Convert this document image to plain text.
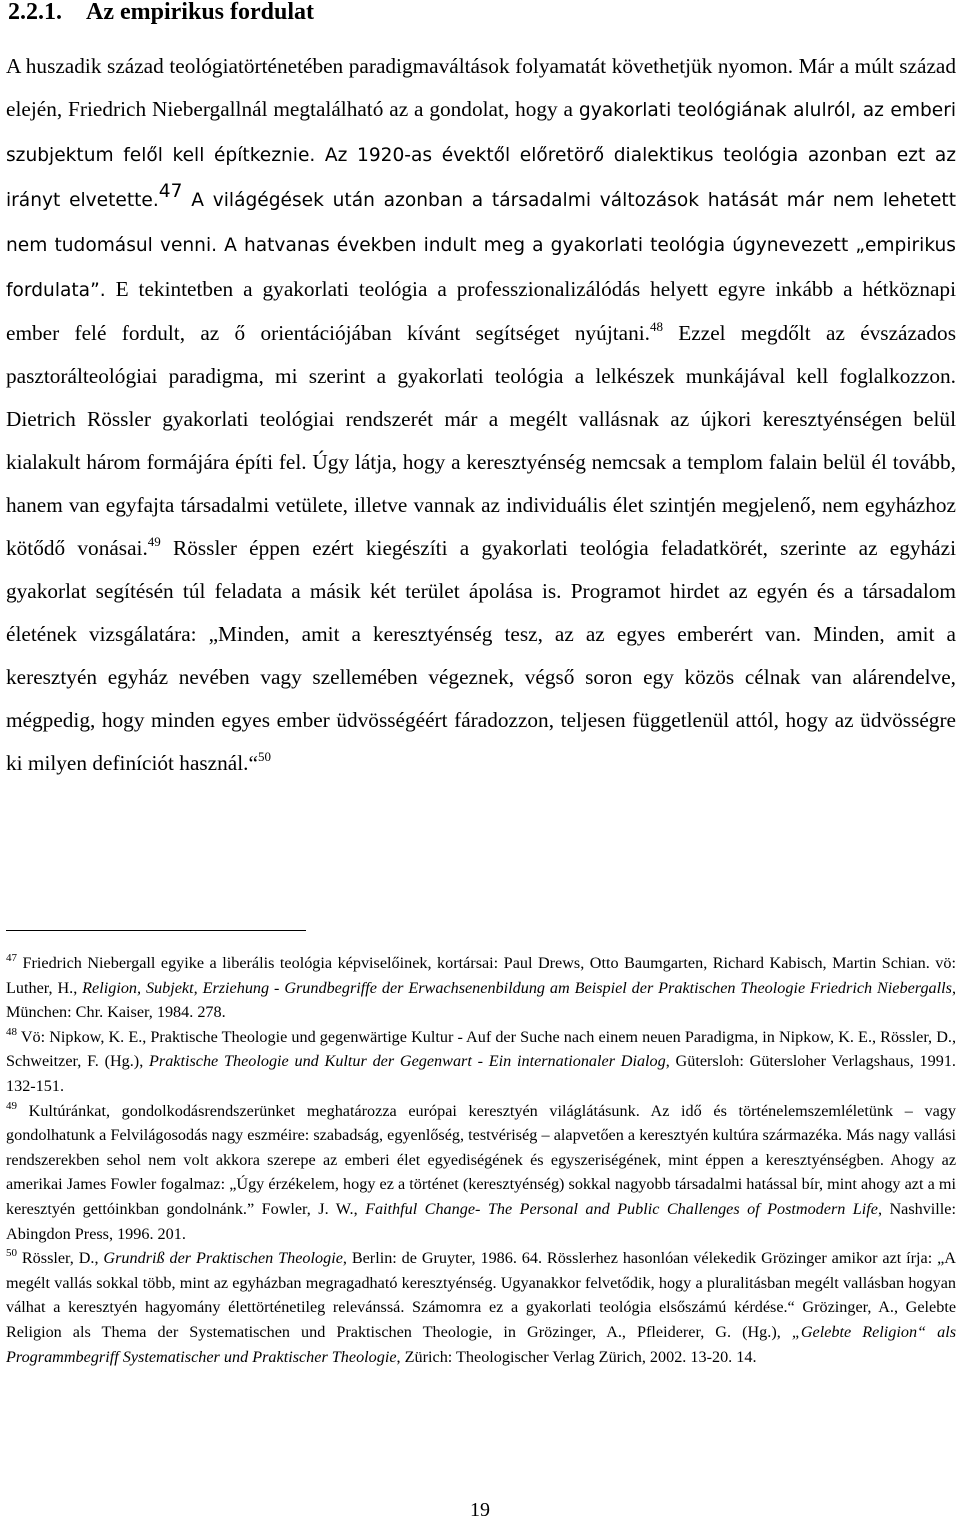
2.2.1. Az empirikus fordulat

A huszadik század teológiatörténetében paradigmaváltások folyamatát követhetjük nyomon. Már a múlt század elején, Friedrich Niebergallnál megtalálható az a gondolat, hogy a gyakorlati teológiának alulról, az emberi szubjektum felől kell építkeznie. Az 1920-as évektől előretörő dialektikus teológia azonban ezt az irányt elvetette.$^{47}$ A világégések után azonban a társadalmi változások hatását már nem lehetett nem tudomásul venni. A hatvanas években indult meg a gyakorlati teológia úgynevezett „empirikus fordulata”. E tekintetben a gyakorlati teológia a professzionalizálódás helyett egyre inkább a hétköznapi ember felé fordult, az ő orientációjában kívánt segítséget nyújtani.$^{48}$ Ezzel megdőlt az évszázados pasztorálteológiai paradigma, mi szerint a gyakorlati teológia a lelkészek munkájával kell foglalkozzon. Dietrich Rössler gyakorlati teológiai rendszerét már a megélt vallásnak az újkori keresztyénségen belül kialakult három formájára építi fel. Úgy látja, hogy a keresztyénség nemcsak a templom falain belül él tovább, hanem van egyfajta társadalmi vetülete, illetve vannak az individuális élet szintjén megjelenő, nem egyházhoz kötődő vonásai.$^{49}$ Rössler éppen ezért kiegészíti a gyakorlati teológia feladatkörét, szerinte az egyházi gyakorlat segítésén túl feladata a másik két terület ápolása is. Programot hirdet az egyén és a társadalom életének vizsgálatára: „Minden, amit a keresztyénség tesz, az az egyes emberért van. Minden, amit a keresztyén egyház nevében vagy szellemében végeznek, végső soron egy közös célnak van alárendelve, mégpedig, hogy minden egyes ember üdvösségéért fáradozzon, teljesen függetlenül attól, hogy az üdvösségre ki milyen definíciót használ.“$^{50}$

$^{47}$ Friedrich Niebergall egyike a liberális teológia képviselőinek, kortársai: Paul Drews, Otto Baumgarten, Richard Kabisch, Martin Schian. vö: Luther, H., Religion, Subjekt, Erziehung - Grundbegriffe der Erwachsenenbildung am Beispiel der Praktischen Theologie Friedrich Niebergalls, München: Chr. Kaiser, 1984. 278.

$^{48}$ Vö: Nipkow, K. E., Praktische Theologie und gegenwärtige Kultur - Auf der Suche nach einem neuen Paradigma, in Nipkow, K. E., Rössler, D., Schweitzer, F. (Hg.), Praktische Theologie und Kultur der Gegenwart - Ein internationaler Dialog, Gütersloh: Gütersloher Verlagshaus, 1991. 132-151.

$^{49}$ Kultúránkat, gondolkodásrendszerünket meghatározza európai keresztyén világlátásunk. Az idő és történelemszemléletünk – vagy gondolhatunk a Felvilágosodás nagy eszméire: szabadság, egyenlőség, testvériség – alapvetően a keresztyén kultúra származéka. Más nagy vallási rendszerekben sehol nem volt akkora szerepe az emberi élet egyediségének és egyszeriségének, mint éppen a keresztyénségben. Ahogy az amerikai James Fowler fogalmaz: „Úgy érzékelem, hogy ez a történet (keresztyénség) sokkal nagyobb társadalmi hatással bír, mint ahogy azt a mi keresztyén gettóinkban gondolnánk.” Fowler, J. W., Faithful Change- The Personal and Public Challenges of Postmodern Life, Nashville: Abingdon Press, 1996. 201.

$^{50}$ Rössler, D., Grundriß der Praktischen Theologie, Berlin: de Gruyter, 1986. 64. Rösslerhez hasonlóan vélekedik Grözinger amikor azt írja: „A megélt vallás sokkal több, mint az egyházban megragadható keresztyénség. Ugyanakkor felvetődik, hogy a pluralitásban megélt vallásban hogyan válhat a keresztyén hagyomány élettörténetileg relevánssá. Számomra ez a gyakorlati teológia elsőszámú kérdése.“ Grözinger, A., Gelebte Religion als Thema der Systematischen und Praktischen Theologie, in Grözinger, A., Pfleiderer, G. (Hg.), „Gelebte Religion“ als Programmbegriff Systematischer und Praktischer Theologie, Zürich: Theologischer Verlag Zürich, 2002. 13-20. 14.

19
